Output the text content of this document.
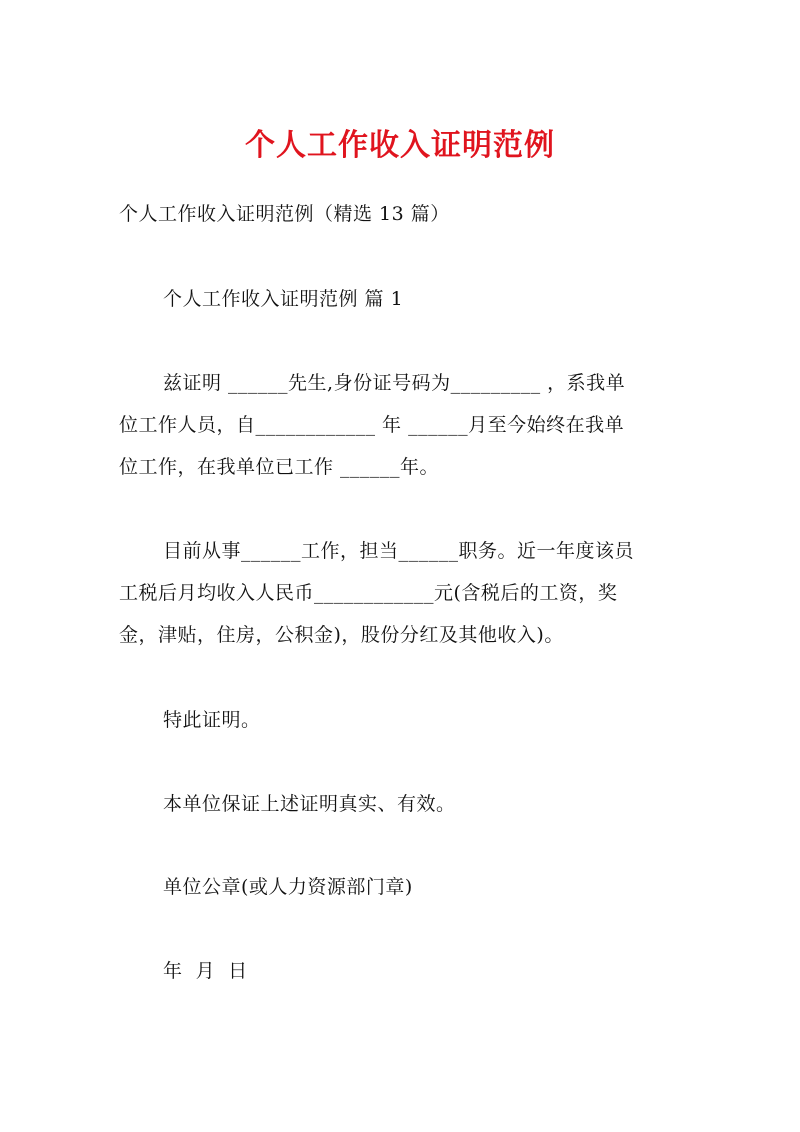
个人工作收入证明范例
个人工作收入证明范例（精选 13 篇）
个人工作收入证明范例 篇 1

兹证明 ______先生,身份证号码为_________ ，系我单

位工作人员，自____________ 年 ______月至今始终在我单

位工作，在我单位已工作 ______年。

目前从事______工作，担当______职务。近一年度该员

工税后月均收入人民币____________元(含税后的工资，奖

金，津贴，住房，公积金)，股份分红及其他收入)。

特此证明。
本单位保证上述证明真实、有效。
单位公章(或人力资源部门章)
年  月  日
